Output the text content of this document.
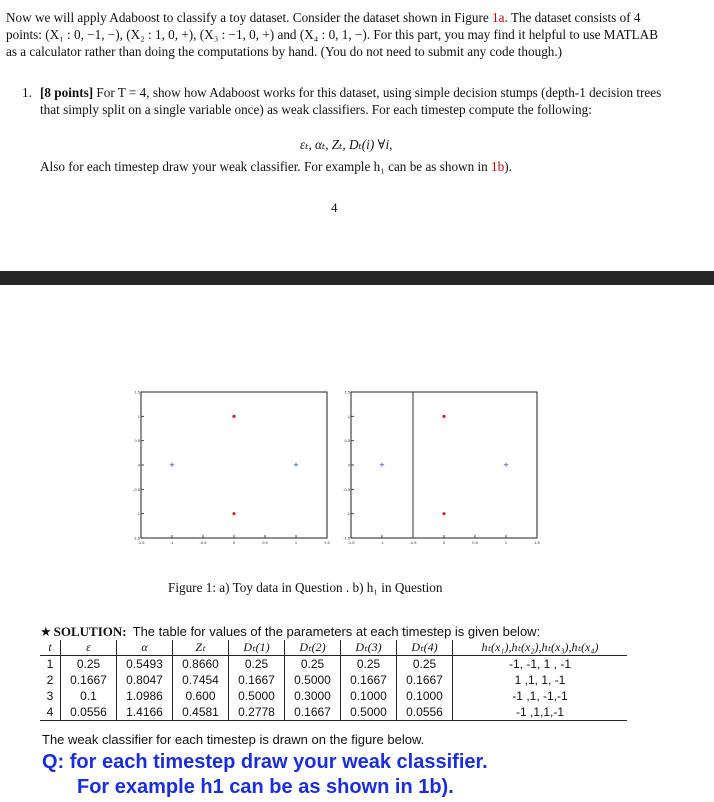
Now we will apply Adaboost to classify a toy dataset. Consider the dataset shown in Figure 1a. The dataset consists of 4 points: (X₁ : 0, −1, −), (X₂ : 1, 0, +), (X₃ : −1, 0, +) and (X₄ : 0, 1, −). For this part, you may find it helpful to use MATLAB as a calculator rather than doing the computations by hand. (You do not need to submit any code though.)

1. [8 points] For T = 4, show how Adaboost works for this dataset, using simple decision stumps (depth-1 decision trees that simply split on a single variable once) as weak classifiers. For each timestep compute the following:
εₜ, αₜ, Zₜ, Dₜ(i) ∀i,
Also for each timestep draw your weak classifier. For example h₁ can be as shown in 1b).
4
-1.5	-1	-0.5	0	0.5	1	1.5
1.5
1
0.5
0
-0.5
-1
-1.5
+
+
-1.5	-1	-0.5	0	0.5	1	1.5
1.5
1
0.5
0
-0.5
-1
-1.5
+
+
Figure 1: a) Toy data in Question . b) h₁ in Question
★ SOLUTION: The table for values of the parameters at each timestep is given below:
t	ε	α	Zₜ	Dₜ(1)	Dₜ(2)	Dₜ(3)	Dₜ(4)	hₜ(x₁),hₜ(x₂),hₜ(x₃),hₜ(x₄)
1	0.25	0.5493	0.8660	0.25	0.25	0.25	0.25	-1, -1, 1 , -1
2	0.1667	0.8047	0.7454	0.1667	0.5000	0.1667	0.1667	1 ,1, 1, -1
3	0.1	1.0986	0.600	0.5000	0.3000	0.1000	0.1000	-1 ,1, -1,-1
4	0.0556	1.4166	0.4581	0.2778	0.1667	0.5000	0.0556	-1 ,1,1,-1
The weak classifier for each timestep is drawn on the figure below.
Q: for each timestep draw your weak classifier.
For example h1 can be as shown in 1b).
